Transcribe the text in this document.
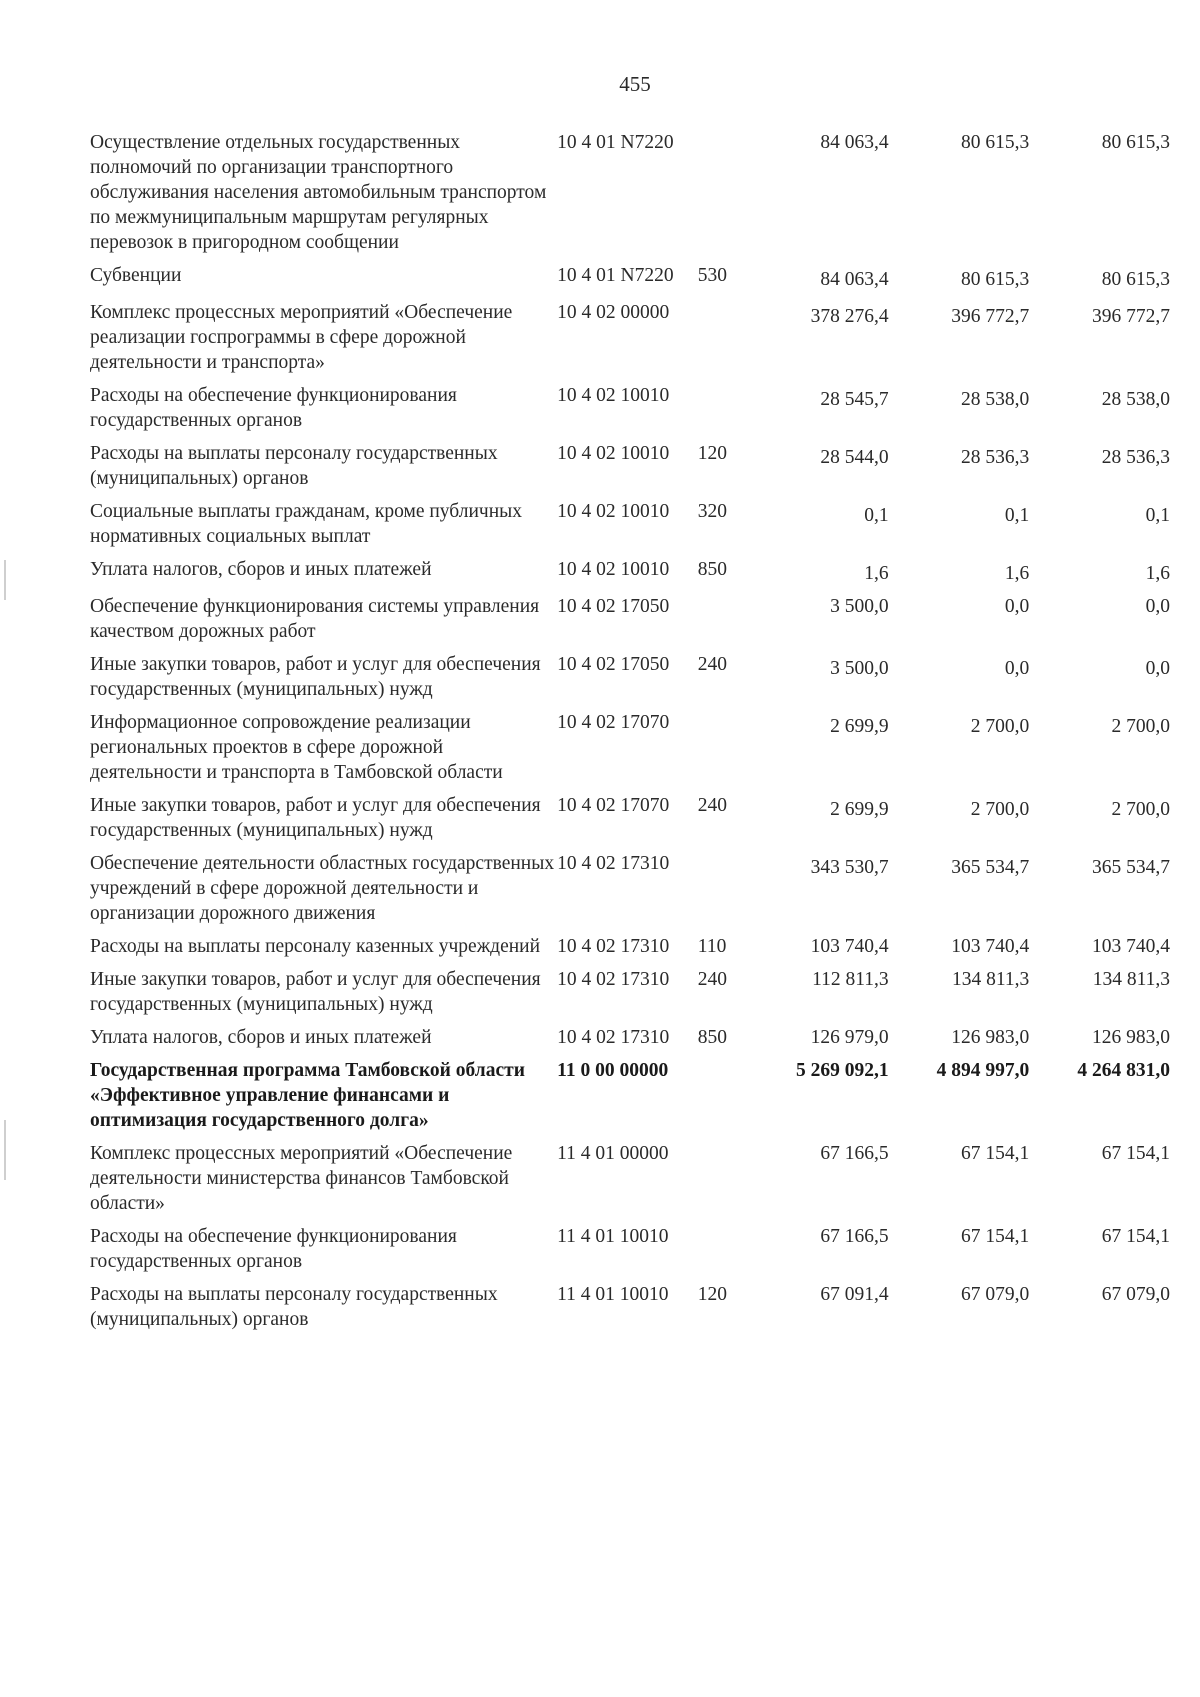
455
Осуществление отдельных государственных полномочий по организации транспортного обслуживания населения автомобильным транспортом по межмуниципальным маршрутам регулярных перевозок в пригородном сообщении	10 4 01 N7220		84 063,4	80 615,3	80 615,3
Субвенции	10 4 01 N7220	530	84 063,4	80 615,3	80 615,3
Комплекс процессных мероприятий «Обеспечение реализации госпрограммы в сфере дорожной деятельности и транспорта»	10 4 02 00000		378 276,4	396 772,7	396 772,7
Расходы на обеспечение функционирования государственных органов	10 4 02 10010		28 545,7	28 538,0	28 538,0
Расходы на выплаты персоналу государственных (муниципальных) органов	10 4 02 10010	120	28 544,0	28 536,3	28 536,3
Социальные выплаты гражданам, кроме публичных нормативных социальных выплат	10 4 02 10010	320	0,1	0,1	0,1
Уплата налогов, сборов и иных платежей	10 4 02 10010	850	1,6	1,6	1,6
Обеспечение функционирования системы управления качеством дорожных работ	10 4 02 17050		3 500,0	0,0	0,0
Иные закупки товаров, работ и услуг для обеспечения государственных (муниципальных) нужд	10 4 02 17050	240	3 500,0	0,0	0,0
Информационное сопровождение реализации региональных проектов в сфере дорожной деятельности и транспорта в Тамбовской области	10 4 02 17070		2 699,9	2 700,0	2 700,0
Иные закупки товаров, работ и услуг для обеспечения государственных (муниципальных) нужд	10 4 02 17070	240	2 699,9	2 700,0	2 700,0
Обеспечение деятельности областных государственных учреждений в сфере дорожной деятельности и организации дорожного движения	10 4 02 17310		343 530,7	365 534,7	365 534,7
Расходы на выплаты персоналу казенных учреждений	10 4 02 17310	110	103 740,4	103 740,4	103 740,4
Иные закупки товаров, работ и услуг для обеспечения государственных (муниципальных) нужд	10 4 02 17310	240	112 811,3	134 811,3	134 811,3
Уплата налогов, сборов и иных платежей	10 4 02 17310	850	126 979,0	126 983,0	126 983,0
Государственная программа Тамбовской области «Эффективное управление финансами и оптимизация государственного долга»	11 0 00 00000		5 269 092,1	4 894 997,0	4 264 831,0
Комплекс процессных мероприятий «Обеспечение деятельности министерства финансов Тамбовской области»	11 4 01 00000		67 166,5	67 154,1	67 154,1
Расходы на обеспечение функционирования государственных органов	11 4 01 10010		67 166,5	67 154,1	67 154,1
Расходы на выплаты персоналу государственных (муниципальных) органов	11 4 01 10010	120	67 091,4	67 079,0	67 079,0
